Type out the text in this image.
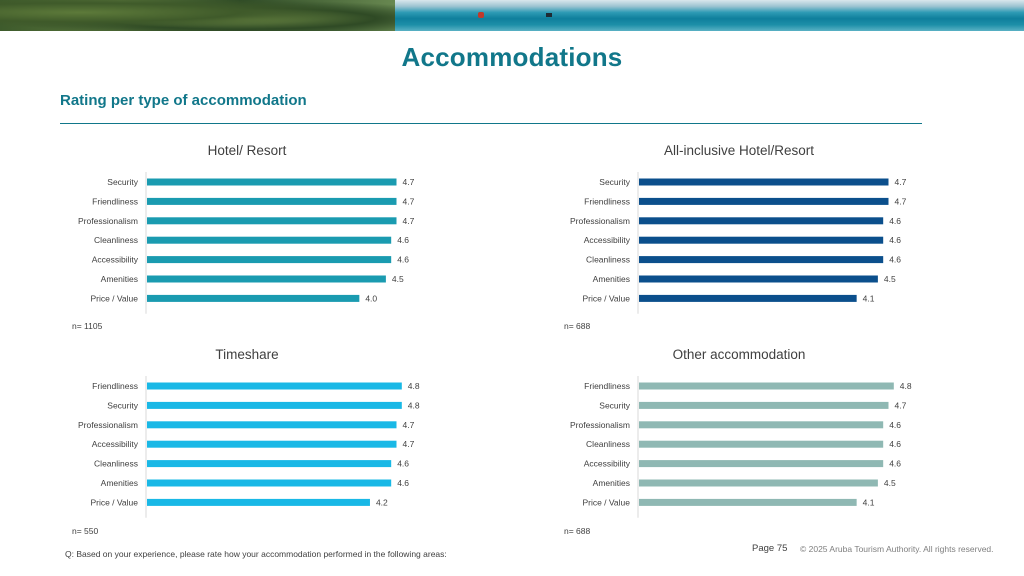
Accommodations
Rating per type of accommodation
Hotel/ Resort
Security	4.7
Friendliness	4.7
Professionalism	4.7
Cleanliness	4.6
Accessibility	4.6
Amenities	4.5
Price / Value	4.0
n= 1105
All-inclusive Hotel/Resort
Security	4.7
Friendliness	4.7
Professionalism	4.6
Accessibility	4.6
Cleanliness	4.6
Amenities	4.5
Price / Value	4.1
n= 688
Timeshare
Friendliness	4.8
Security	4.8
Professionalism	4.7
Accessibility	4.7
Cleanliness	4.6
Amenities	4.6
Price / Value	4.2
n= 550
Other accommodation
Friendliness	4.8
Security	4.7
Professionalism	4.6
Cleanliness	4.6
Accessibility	4.6
Amenities	4.5
Price / Value	4.1
n= 688
Q: Based on your experience, please rate how your accommodation performed in the following areas:	Page 75 © 2025 Aruba Tourism Authority. All rights reserved.
